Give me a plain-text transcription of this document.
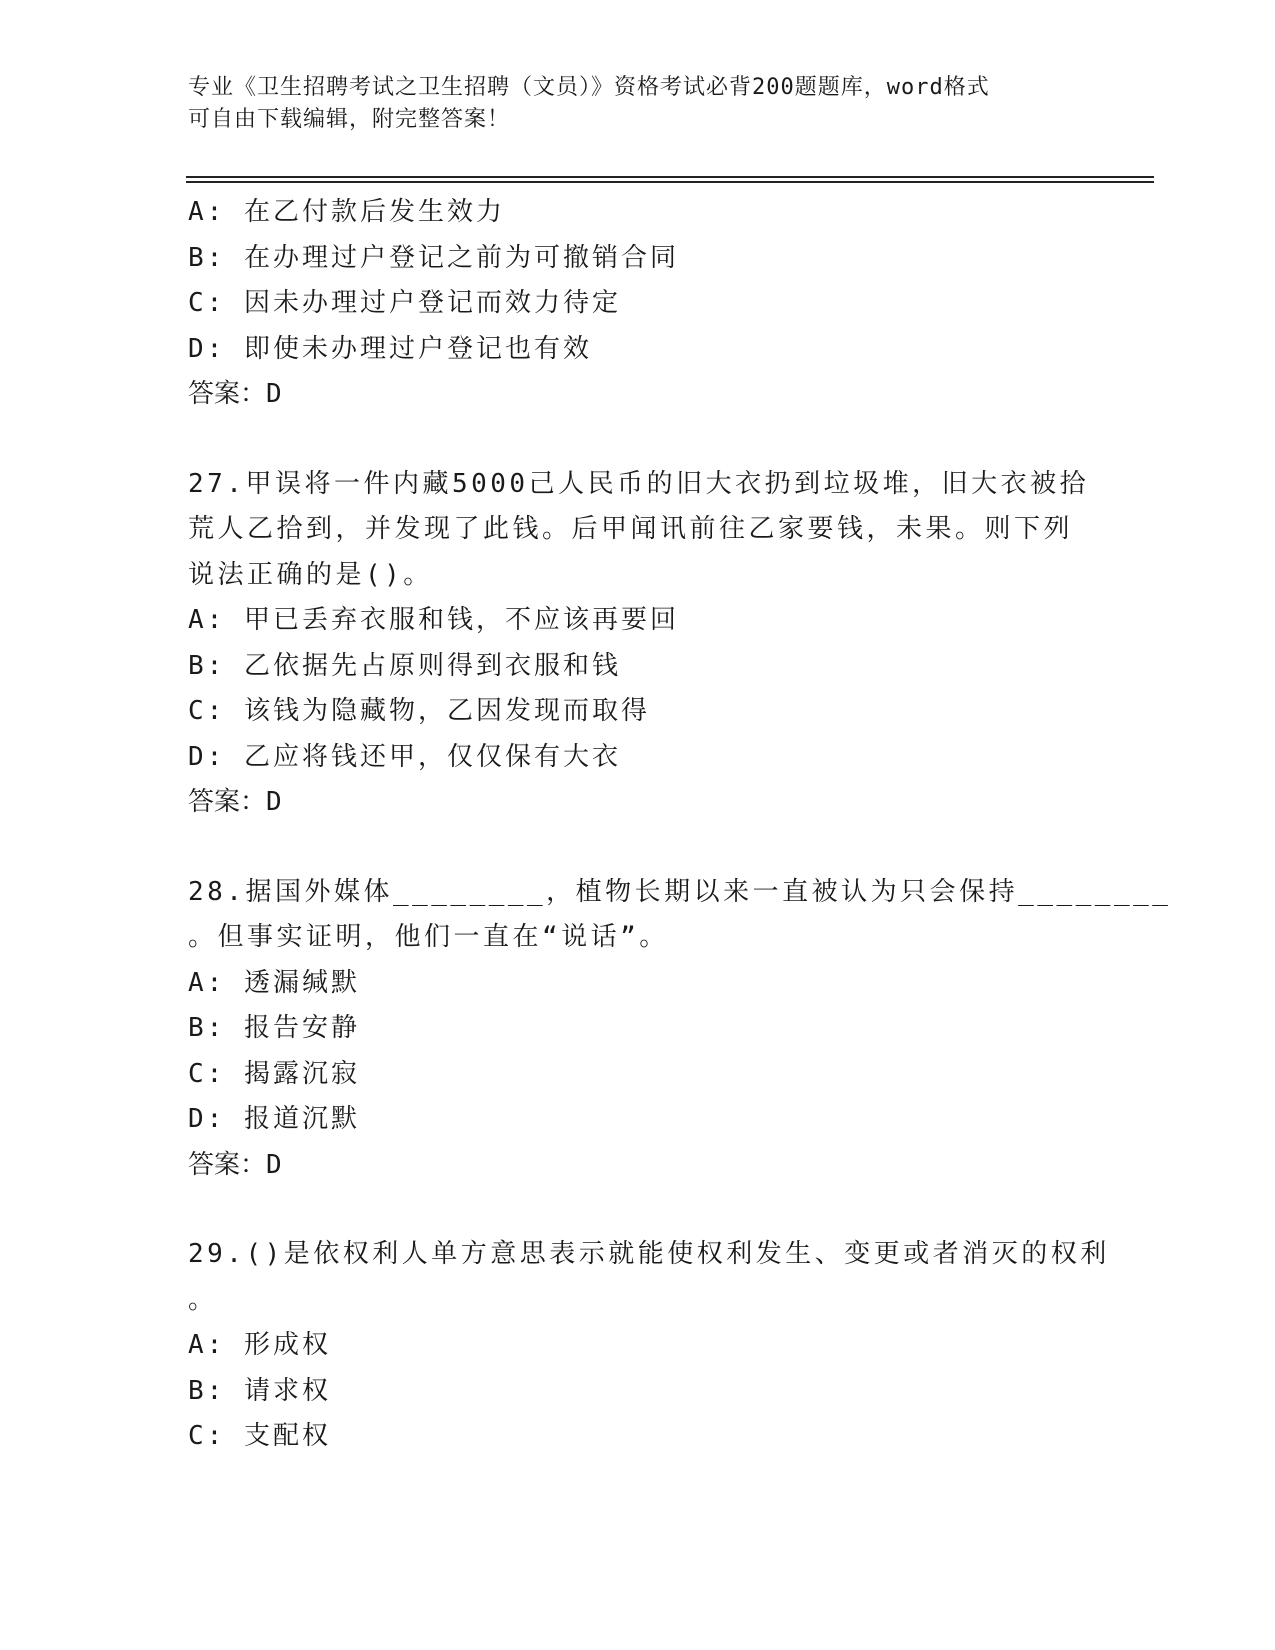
专业《卫生招聘考试之卫生招聘（文员）》资格考试必背200题题库，word格式
可自由下载编辑，附完整答案！
A: 在乙付款后发生效力
B: 在办理过户登记之前为可撤销合同
C: 因未办理过户登记而效力待定
D: 即使未办理过户登记也有效
答案：D
27.甲误将一件内藏5000己人民币的旧大衣扔到垃圾堆，旧大衣被拾
荒人乙拾到，并发现了此钱。后甲闻讯前往乙家要钱，未果。则下列
说法正确的是()。
A: 甲已丢弃衣服和钱，不应该再要回
B: 乙依据先占原则得到衣服和钱
C: 该钱为隐藏物，乙因发现而取得
D: 乙应将钱还甲，仅仅保有大衣
答案：D
28.据国外媒体________，植物长期以来一直被认为只会保持________
。但事实证明，他们一直在“说话”。
A: 透漏缄默
B: 报告安静
C: 揭露沉寂
D: 报道沉默
答案：D
29.()是依权利人单方意思表示就能使权利发生、变更或者消灭的权利
。
A: 形成权
B: 请求权
C: 支配权
